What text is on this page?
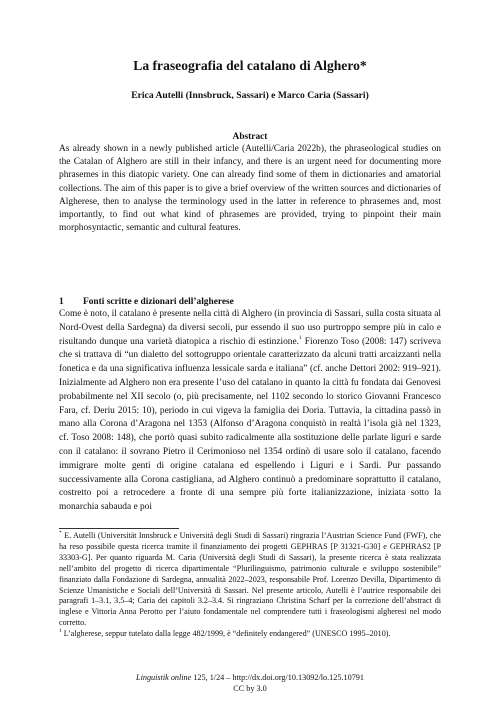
La fraseografia del catalano di Alghero*
Erica Autelli (Innsbruck, Sassari) e Marco Caria (Sassari)
Abstract

As already shown in a newly published article (Autelli/Caria 2022b), the phraseological studies on the Catalan of Alghero are still in their infancy, and there is an urgent need for documenting more phrasemes in this diatopic variety. One can already find some of them in dictionaries and amatorial collections. The aim of this paper is to give a brief overview of the written sources and dictionaries of Algherese, then to analyse the terminology used in the latter in reference to phrasemes and, most importantly, to find out what kind of phrasemes are provided, trying to pinpoint their main morphosyntactic, semantic and cultural features.

1 Fonti scritte e dizionari dell’algherese

Come è noto, il catalano è presente nella città di Alghero (in provincia di Sassari, sulla costa situata al Nord-Ovest della Sardegna) da diversi secoli, pur essendo il suo uso purtroppo sempre più in calo e risultando dunque una varietà diatopica a rischio di estinzione.$^1$ Fiorenzo Toso (2008: 147) scriveva che si trattava di “un dialetto del sottogruppo orientale caratterizzato da alcuni tratti arcaizzanti nella fonetica e da una significativa influenza lessicale sarda e italiana” (cf. anche Dettori 2002: 919–921). Inizialmente ad Alghero non era presente l’uso del catalano in quanto la città fu fondata dai Genovesi probabilmente nel XII secolo (o, più precisamente, nel 1102 secondo lo storico Giovanni Francesco Fara, cf. Deriu 2015: 10), periodo in cui vigeva la famiglia dei Doria. Tuttavia, la cittadina passò in mano alla Corona d’Aragona nel 1353 (Alfonso d’Aragona conquistò in realtà l’isola già nel 1323, cf. Toso 2008: 148), che portò quasi subito radicalmente alla sostituzione delle parlate liguri e sarde con il catalano: il sovrano Pietro il Cerimonioso nel 1354 ordinò di usare solo il catalano, facendo immigrare molte genti di origine catalana ed espellendo i Liguri e i Sardi. Pur passando successivamente alla Corona castigliana, ad Alghero continuò a predominare soprattutto il catalano, costretto poi a retrocedere a fronte di una sempre più forte italianizzazione, iniziata sotto la monarchia sabauda e poi

* E. Autelli (Universität Innsbruck e Università degli Studi di Sassari) ringrazia l’Austrian Science Fund (FWF), che ha reso possibile questa ricerca tramite il finanziamento dei progetti GEPHRAS [P 31321-G30] e GEPHRAS2 [P 33303-G]. Per quanto riguarda M. Caria (Università degli Studi di Sassari), la presente ricerca è stata realizzata nell’ambito del progetto di ricerca dipartimentale “Plurilinguismo, patrimonio culturale e sviluppo sostenibile” finanziato dalla Fondazione di Sardegna, annualità 2022–2023, responsabile Prof. Lorenzo Devilla, Dipartimento di Scienze Umanistiche e Sociali dell’Università di Sassari. Nel presente articolo, Autelli è l’autrice responsabile dei paragrafi 1–3.1, 3.5–4; Caria dei capitoli 3.2–3.4. Si ringraziano Christina Scharf per la correzione dell’abstract di inglese e Vittoria Anna Perotto per l’aiuto fondamentale nel comprendere tutti i fraseologismi algheresi nel modo corretto.

$^1$ L’algherese, seppur tutelato dalla legge 482/1999, è “definitely endangered” (UNESCO 1995–2010).

Linguistik online 125, 1/24 – http://dx.doi.org/10.13092/lo.125.10791
CC by 3.0
